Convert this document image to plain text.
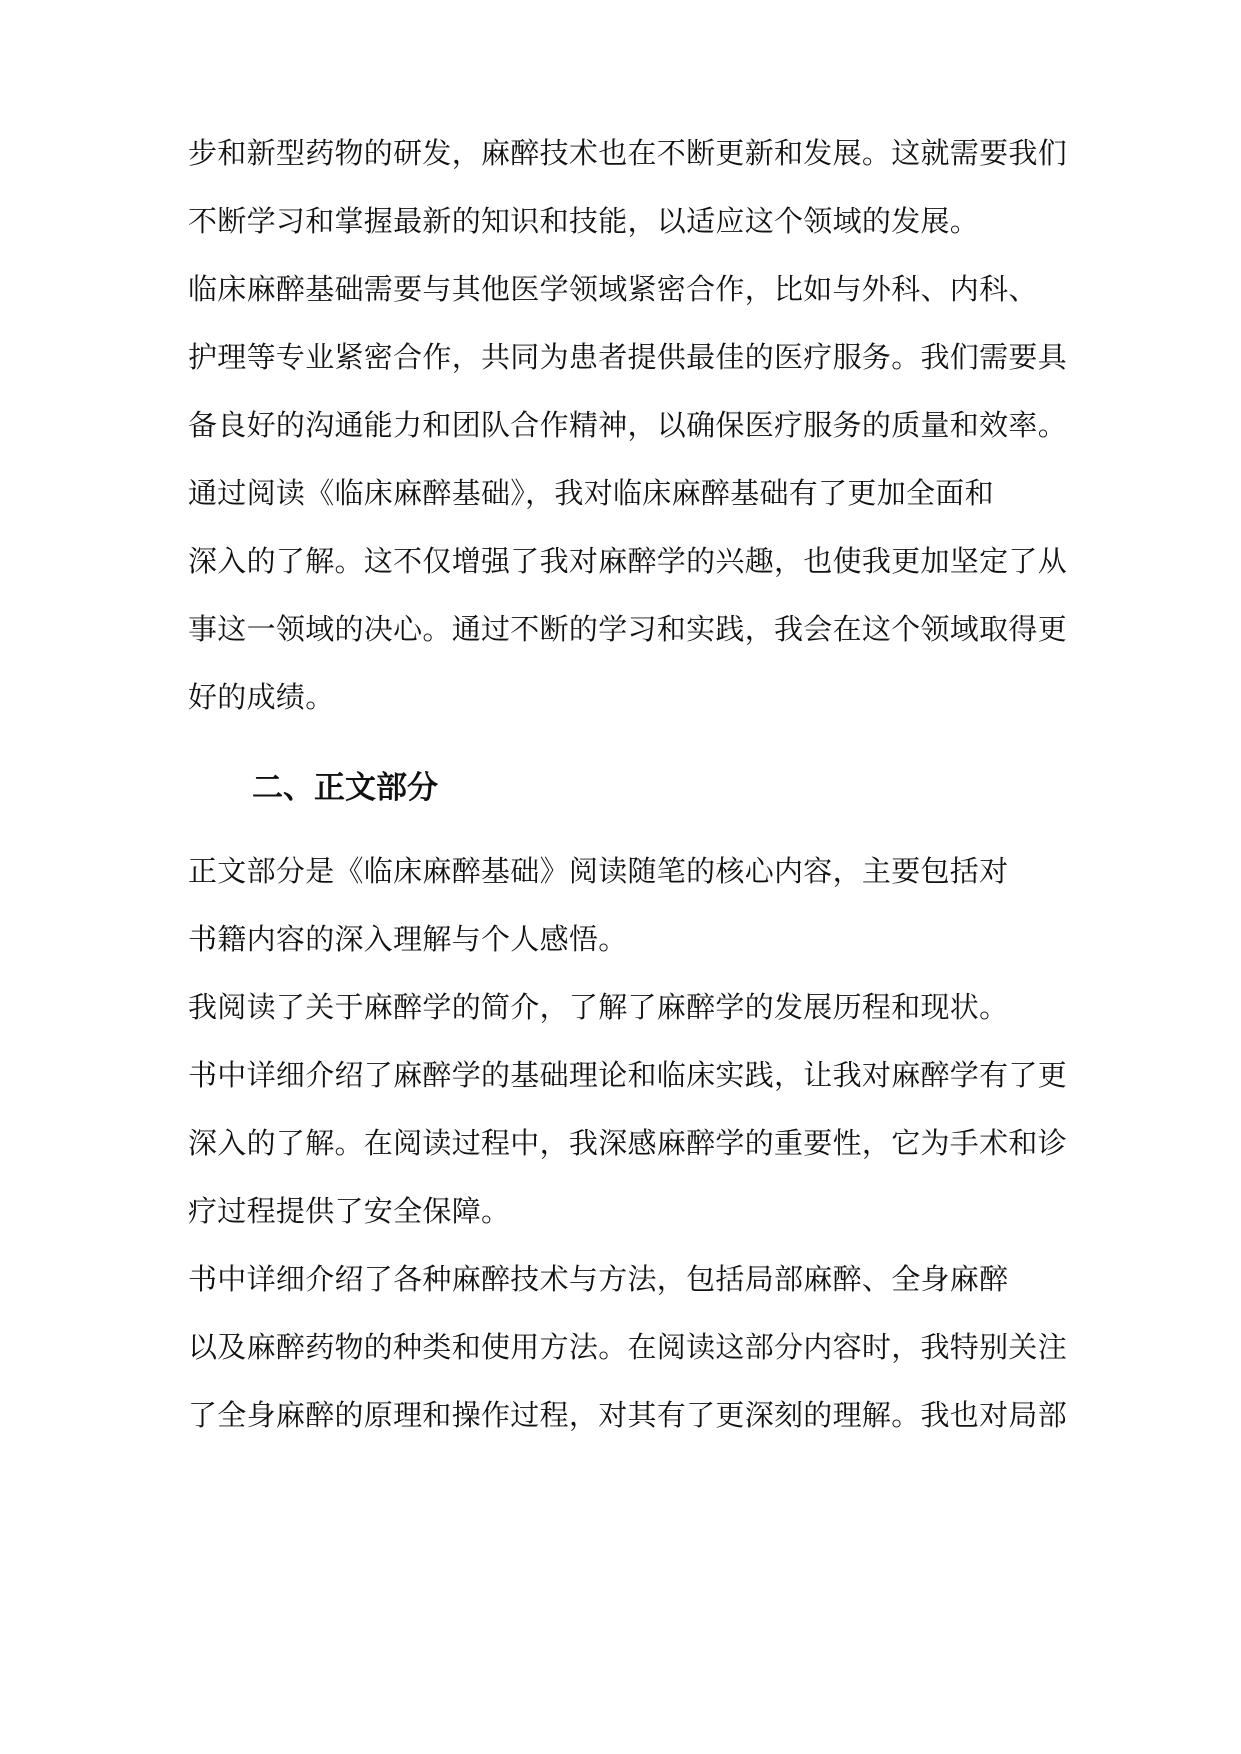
步和新型药物的研发，麻醉技术也在不断更新和发展。这就需要我们
不断学习和掌握最新的知识和技能，以适应这个领域的发展。
临床麻醉基础需要与其他医学领域紧密合作，比如与外科、内科、
护理等专业紧密合作，共同为患者提供最佳的医疗服务。我们需要具
备良好的沟通能力和团队合作精神，以确保医疗服务的质量和效率。
通过阅读《临床麻醉基础》，我对临床麻醉基础有了更加全面和
深入的了解。这不仅增强了我对麻醉学的兴趣，也使我更加坚定了从
事这一领域的决心。通过不断的学习和实践，我会在这个领域取得更
好的成绩。
二、正文部分
正文部分是《临床麻醉基础》阅读随笔的核心内容，主要包括对
书籍内容的深入理解与个人感悟。
我阅读了关于麻醉学的简介，了解了麻醉学的发展历程和现状。
书中详细介绍了麻醉学的基础理论和临床实践，让我对麻醉学有了更
深入的了解。在阅读过程中，我深感麻醉学的重要性，它为手术和诊
疗过程提供了安全保障。
书中详细介绍了各种麻醉技术与方法，包括局部麻醉、全身麻醉
以及麻醉药物的种类和使用方法。在阅读这部分内容时，我特别关注
了全身麻醉的原理和操作过程，对其有了更深刻的理解。我也对局部
